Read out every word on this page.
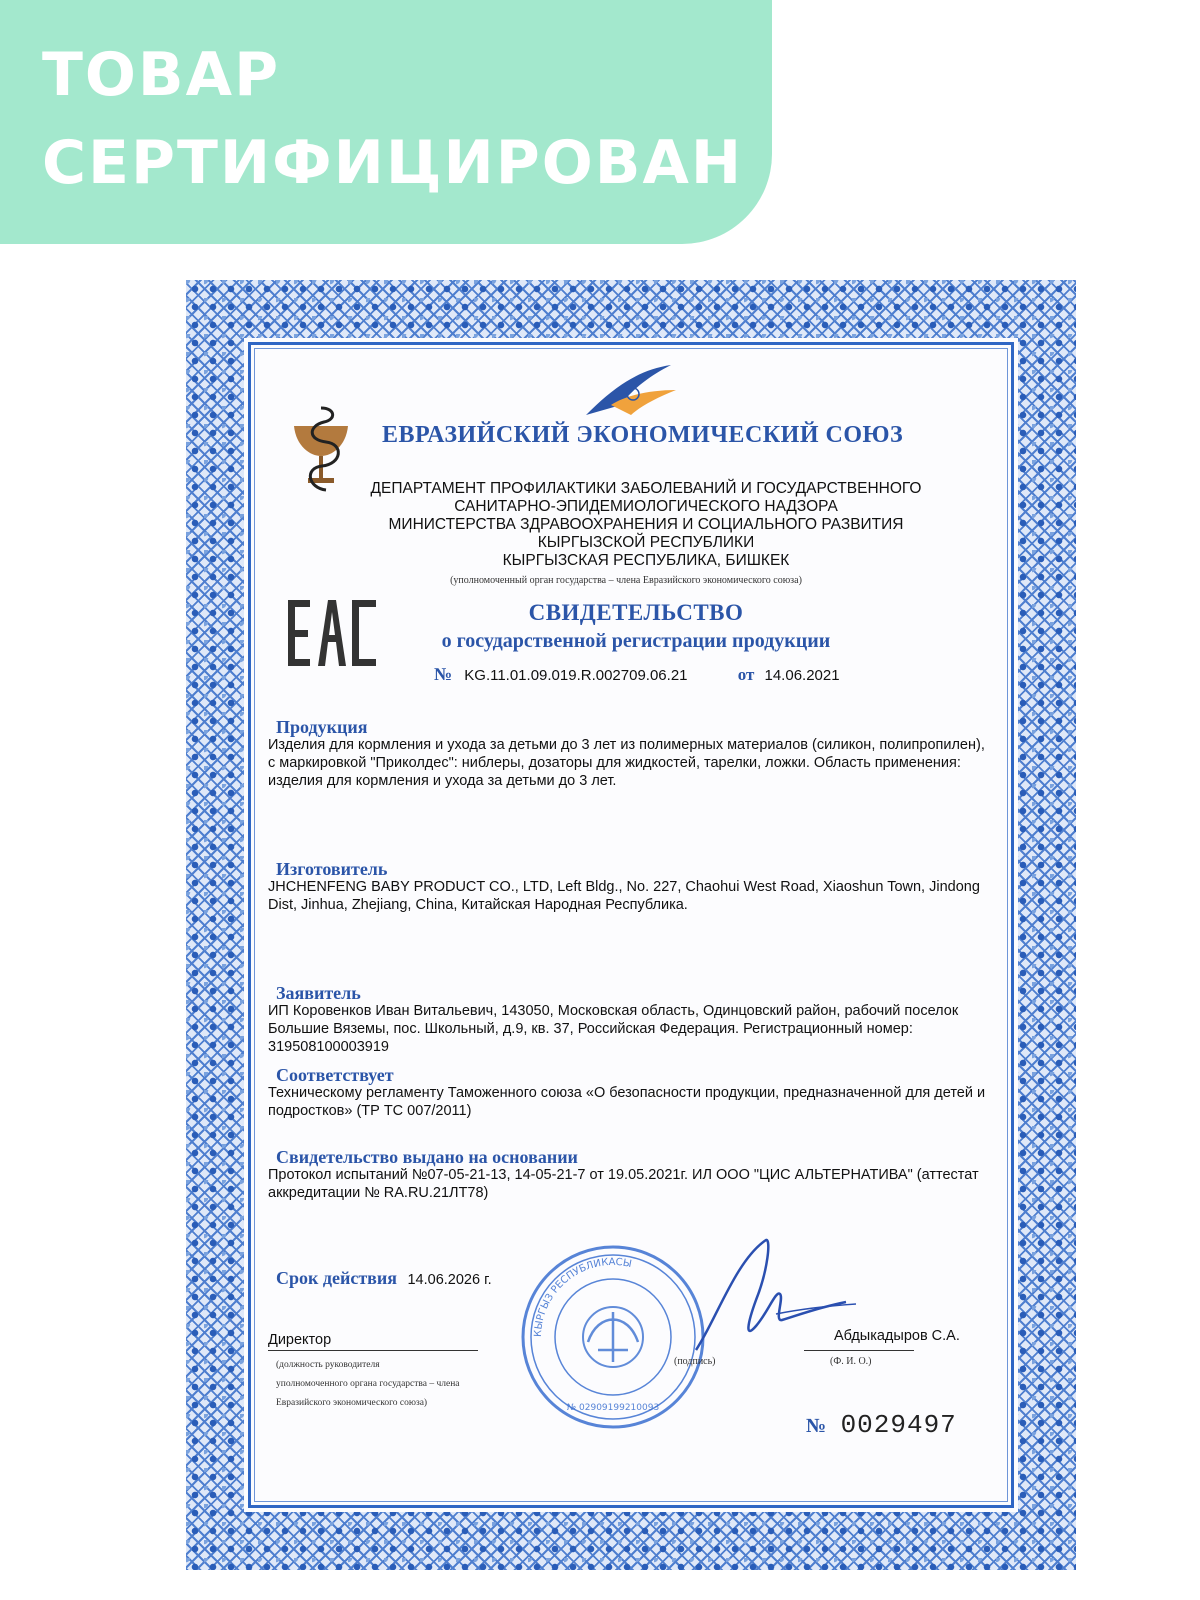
ТОВАР
СЕРТИФИЦИРОВАН
ЕВРАЗИЙСКИЙ ЭКОНОМИЧЕСКИЙ СОЮЗ
ДЕПАРТАМЕНТ ПРОФИЛАКТИКИ ЗАБОЛЕВАНИЙ И ГОСУДАРСТВЕННОГО
САНИТАРНО-ЭПИДЕМИОЛОГИЧЕСКОГО НАДЗОРА
МИНИСТЕРСТВА ЗДРАВООХРАНЕНИЯ И СОЦИАЛЬНОГО РАЗВИТИЯ
КЫРГЫЗСКОЙ РЕСПУБЛИКИ
КЫРГЫЗСКАЯ РЕСПУБЛИКА, БИШКЕК
(уполномоченный орган государства – члена Евразийского экономического союза)
ЕАС
СВИДЕТЕЛЬСТВО
о государственной регистрации продукции
№ KG.11.01.09.019.R.002709.06.21	от 14.06.2021
Продукция
Изделия для кормления и ухода за детьми до 3 лет из полимерных материалов (силикон, полипропилен), с маркировкой "Приколдес": ниблеры, дозаторы для жидкостей, тарелки, ложки. Область применения: изделия для кормления и ухода за детьми до 3 лет.
Изготовитель
JHCHENFENG BABY PRODUCT CO., LTD, Left Bldg., No. 227, Chaohui West Road, Xiaoshun Town, Jindong Dist, Jinhua, Zhejiang, China, Китайская Народная Республика.
Заявитель
ИП Коровенков Иван Витальевич, 143050, Московская область, Одинцовский район, рабочий поселок Большие Вяземы, пос. Школьный, д.9, кв. 37, Российская Федерация. Регистрационный номер: 319508100003919
Соответствует
Техническому регламенту Таможенного союза «О безопасности продукции, предназначенной для детей и подростков» (ТР ТС 007/2011)
Свидетельство выдано на основании
Протокол испытаний №07-05-21-13, 14-05-21-7 от 19.05.2021г. ИЛ ООО "ЦИС АЛЬТЕРНАТИВА" (аттестат аккредитации № RA.RU.21ЛТ78)
Срок действия 14.06.2026 г.
Директор
(должность руководителя
уполномоченного органа государства – члена
Евразийского экономического союза)
КЫРГЫЗ РЕСПУБЛИКАСЫ
№ 02909199210093
(подпись)
Абдыкадыров С.А.
(Ф. И. О.)
№ 0029497
